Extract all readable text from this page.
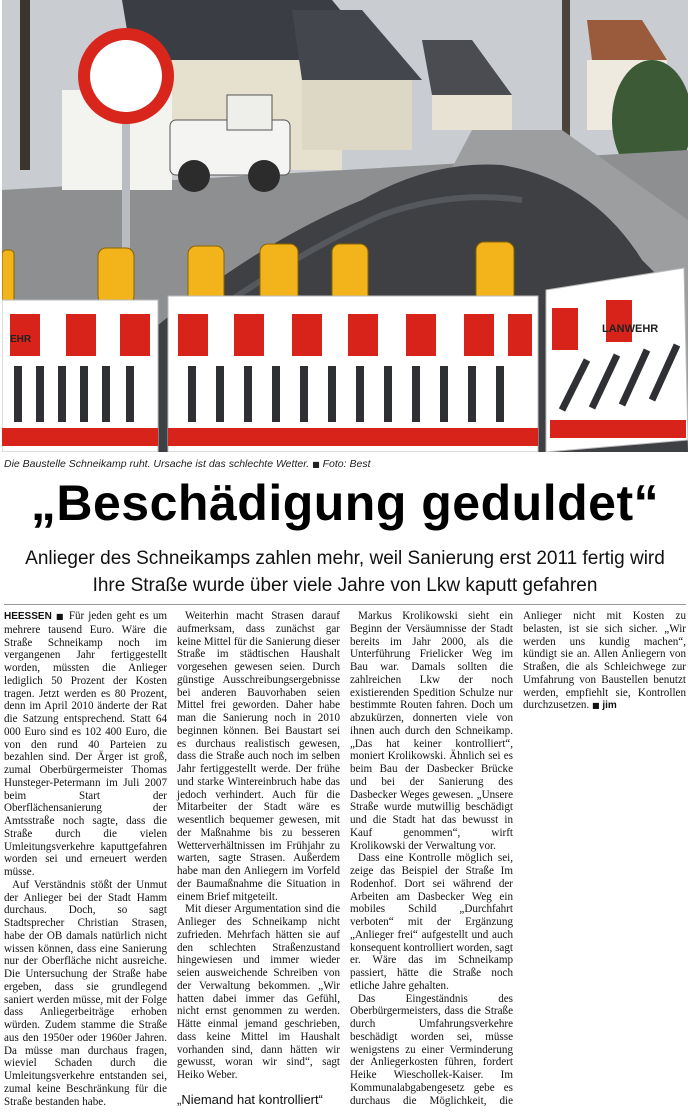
LANWEHR
EHR
Die Baustelle Schneikamp ruht. Ursache ist das schlechte Wetter. ■ Foto: Best
„Beschädigung geduldet“
Anlieger des Schneikamps zahlen mehr, weil Sanierung erst 2011 fertig wird
Ihre Straße wurde über viele Jahre von Lkw kaputt gefahren

HEESSEN ■ Für jeden geht es um mehrere tausend Euro. Wäre die Straße Schneikamp noch im vergangenen Jahr fertiggestellt worden, müssten die Anlieger lediglich 50 Prozent der Kosten tragen. Jetzt werden es 80 Prozent, denn im April 2010 änderte der Rat die Satzung entsprechend. Statt 64 000 Euro sind es 102 400 Euro, die von den rund 40 Parteien zu bezahlen sind. Der Ärger ist groß, zumal Oberbürgermeister Thomas Hunsteger-Petermann im Juli 2007 beim Start der Oberflächensanierung der Amtsstraße noch sagte, dass die Straße durch die vielen Umleitungsverkehre kaputtgefahren worden sei und erneuert werden müsse.

Auf Verständnis stößt der Unmut der Anlieger bei der Stadt Hamm durchaus. Doch, so sagt Stadtsprecher Christian Strasen, habe der OB damals natürlich nicht wissen können, dass eine Sanierung nur der Oberfläche nicht ausreiche. Die Untersuchung der Straße habe ergeben, dass sie grundlegend saniert werden müsse, mit der Folge dass Anliegerbeiträge erhoben würden. Zudem stamme die Straße aus den 1950er oder 1960er Jahren. Da müsse man durchaus fragen, wieviel Schaden durch die Umleitungsverkehre entstanden sei, zumal keine Beschränkung für die Straße bestanden habe.

Weiterhin macht Strasen darauf aufmerksam, dass zunächst gar keine Mittel für die Sanierung dieser Straße im städtischen Haushalt vorgesehen gewesen seien. Durch günstige Ausschreibungsergebnisse bei anderen Bauvorhaben seien Mittel frei geworden. Daher habe man die Sanierung noch in 2010 beginnen können. Bei Baustart sei es durchaus realistisch gewesen, dass die Straße auch noch im selben Jahr fertiggestellt werde. Der frühe und starke Wintereinbruch habe das jedoch verhindert. Auch für die Mitarbeiter der Stadt wäre es wesentlich bequemer gewesen, mit der Maßnahme bis zu besseren Wetterverhältnissen im Frühjahr zu warten, sagte Strasen. Außerdem habe man den Anliegern im Vorfeld der Baumaßnahme die Situation in einem Brief mitgeteilt.

Mit dieser Argumentation sind die Anlieger des Schneikamp nicht zufrieden. Mehrfach hätten sie auf den schlechten Straßenzustand hingewiesen und immer wieder seien ausweichende Schreiben von der Verwaltung bekommen. „Wir hatten dabei immer das Gefühl, nicht ernst genommen zu werden. Hätte einmal jemand geschrieben, dass keine Mittel im Haushalt vorhanden sind, dann hätten wir gewusst, woran wir sind“, sagt Heiko Weber.

„Niemand hat kontrolliert“

Markus Krolikowski sieht ein Beginn der Versäumnisse der Stadt bereits im Jahr 2000, als die Unterführung Frielicker Weg im Bau war. Damals sollten die zahlreichen Lkw der noch existierenden Spedition Schulze nur bestimmte Routen fahren. Doch um abzukürzen, donnerten viele von ihnen auch durch den Schneikamp. „Das hat keiner kontrolliert“, moniert Krolikowski. Ähnlich sei es beim Bau der Dasbecker Brücke und bei der Sanierung des Dasbecker Weges gewesen. „Unsere Straße wurde mutwillig beschädigt und die Stadt hat das bewusst in Kauf genommen“, wirft Krolikowski der Verwaltung vor.

Dass eine Kontrolle möglich sei, zeige das Beispiel der Straße Im Rodenhof. Dort sei während der Arbeiten am Dasbecker Weg ein mobiles Schild „Durchfahrt verboten“ mit der Ergänzung „Anlieger frei“ aufgestellt und auch konsequent kontrolliert worden, sagt er. Wäre das im Schneikamp passiert, hätte die Straße noch etliche Jahre gehalten.

Das Eingeständnis des Oberbürgermeisters, dass die Straße durch Umfahrungsverkehre beschädigt worden sei, müsse wenigstens zu einer Verminderung der Anliegerkosten führen, fordert Heike Wieschollek-Kaiser. Im Kommunalabgabengesetz gebe es durchaus die Möglichkeit, die Anlieger nicht mit Kosten zu belasten, ist sie sich sicher. „Wir werden uns kundig machen“, kündigt sie an. Allen Anliegern von Straßen, die als Schleichwege zur Umfahrung von Baustellen benutzt werden, empfiehlt sie, Kontrollen durchzusetzen. ■ jim
